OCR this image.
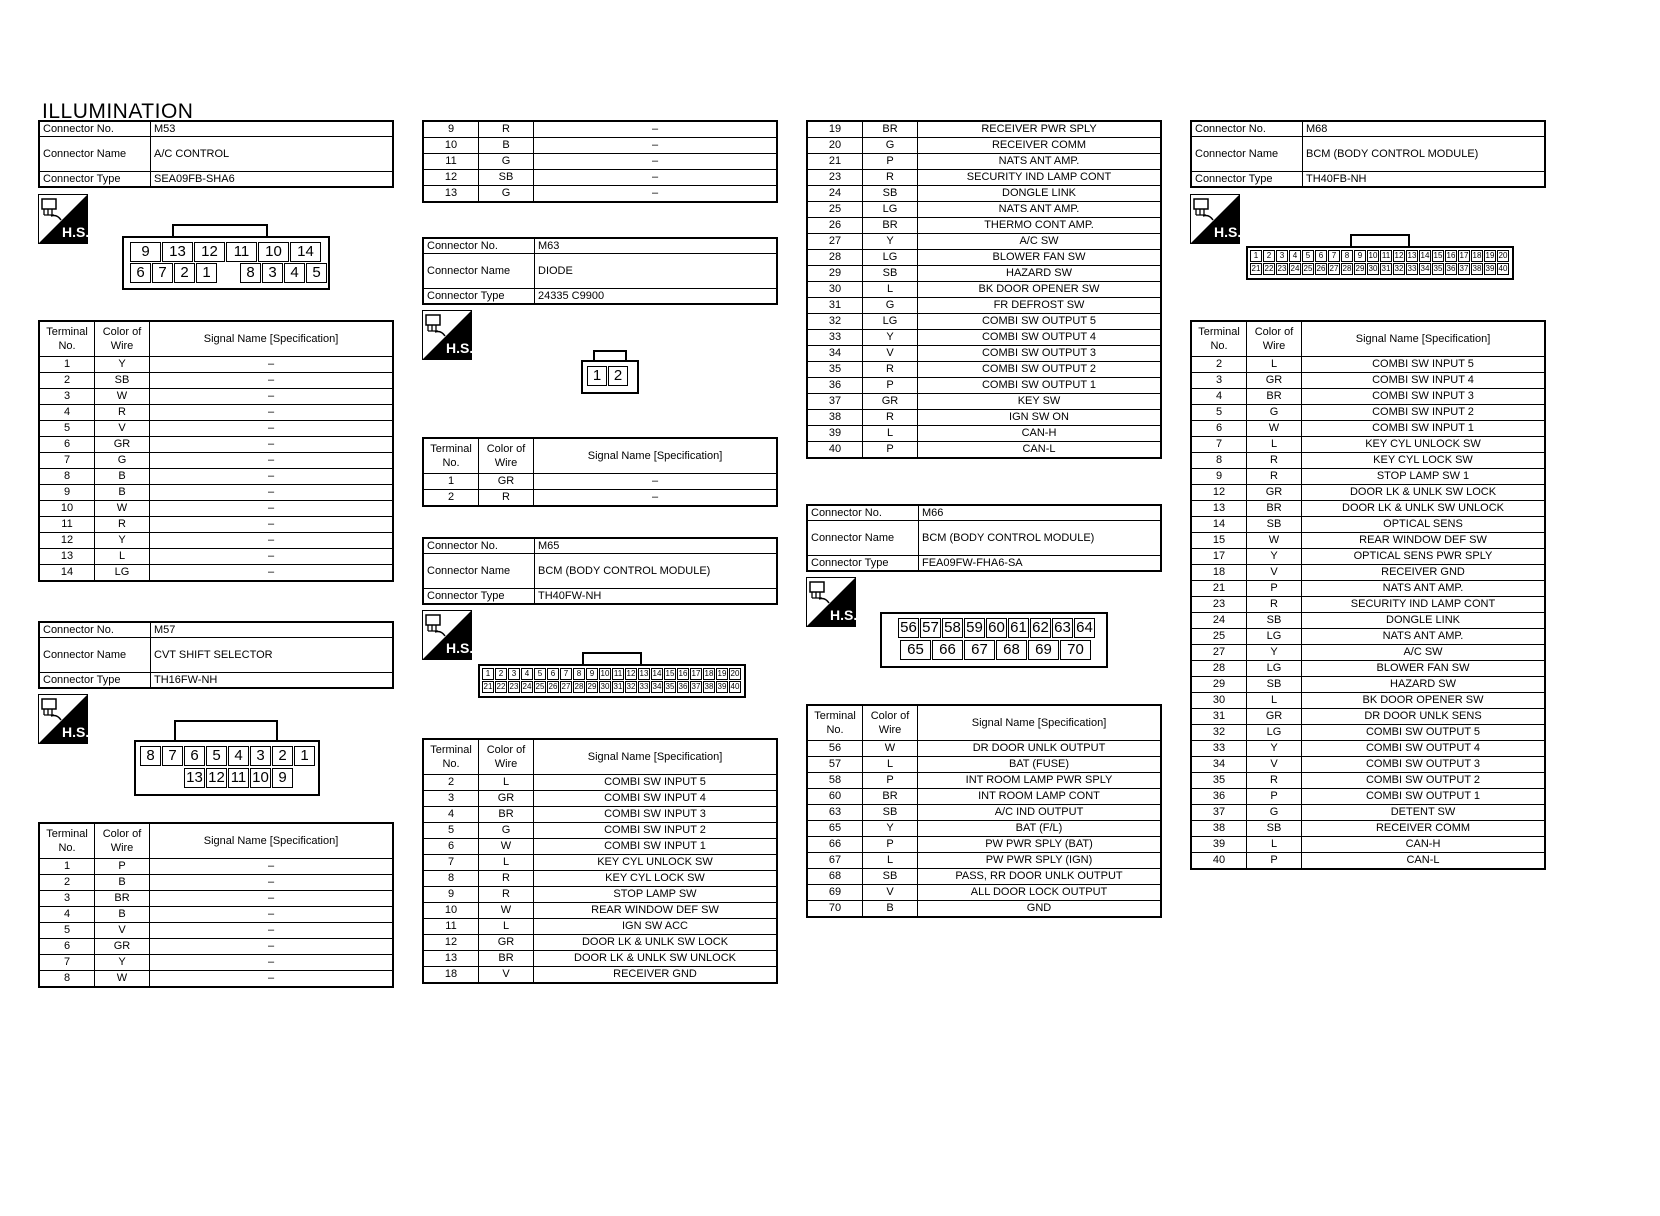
ILLUMINATION
Connector No.	M53
Connector Name	A/C CONTROL
Connector Type	SEA09FB-SHA6
H.S.
9	13	12	11	10	14
6 7 2 1	8 3 4 5
Terminal No.	Color of Wire	Signal Name [Specification]
1	Y	–
2	SB	–
3	W	–
4	R	–
5	V	–
6	GR	–
7	G	–
8	B	–
9	B	–
10	W	–
11	R	–
12	Y	–
13	L	–
14	LG	–
Connector No.	M57
Connector Name	CVT SHIFT SELECTOR
Connector Type	TH16FW-NH
H.S.
8 7 6 5 4 3 2 1
13 12 11 10 9
Terminal No.	Color of Wire	Signal Name [Specification]
1	P	–
2	B	–
3	BR	–
4	B	–
5	V	–
6	GR	–
7	Y	–
8	W	–
9	R	–
10	B	–
11	G	–
12	SB	–
13	G	–
Connector No.	M63
Connector Name	DIODE
Connector Type	24335 C9900
H.S.
1 2
Terminal No.	Color of Wire	Signal Name [Specification]
1	GR	–
2	R	–
Connector No.	M65
Connector Name	BCM (BODY CONTROL MODULE)
Connector Type	TH40FW-NH
H.S.
1	2	3	4	5	6	7	8	9 10 11 12 13 14 15 16 17 18 19 20
21 22 23 24 25 26 27 28 29 30 31 32 33 34 35 36 37 38 39 40
Terminal No.	Color of Wire	Signal Name [Specification]
2	L	COMBI SW INPUT 5
3	GR	COMBI SW INPUT 4
4	BR	COMBI SW INPUT 3
5	G	COMBI SW INPUT 2
6	W	COMBI SW INPUT 1
7	L	KEY CYL UNLOCK SW
8	R	KEY CYL LOCK SW
9	R	STOP LAMP SW
10	W	REAR WINDOW DEF SW
11	L	IGN SW ACC
12	GR	DOOR LK & UNLK SW LOCK
13	BR	DOOR LK & UNLK SW UNLOCK
18	V	RECEIVER GND
19	BR	RECEIVER PWR SPLY
20	G	RECEIVER COMM
21	P	NATS ANT AMP.
23	R	SECURITY IND LAMP CONT
24	SB	DONGLE LINK
25	LG	NATS ANT AMP.
26	BR	THERMO CONT AMP.
27	Y	A/C SW
28	LG	BLOWER FAN SW
29	SB	HAZARD SW
30	L	BK DOOR OPENER SW
31	G	FR DEFROST SW
32	LG	COMBI SW OUTPUT 5
33	Y	COMBI SW OUTPUT 4
34	V	COMBI SW OUTPUT 3
35	R	COMBI SW OUTPUT 2
36	P	COMBI SW OUTPUT 1
37	GR	KEY SW
38	R	IGN SW ON
39	L	CAN-H
40	P	CAN-L
Connector No.	M66
Connector Name	BCM (BODY CONTROL MODULE)
Connector Type	FEA09FW-FHA6-SA
H.S.
56 57 58 59 60 61 62 63 64
65	66	67	68	69	70
Terminal No.	Color of Wire	Signal Name [Specification]
56	W	DR DOOR UNLK OUTPUT
57	L	BAT (FUSE)
58	P	INT ROOM LAMP PWR SPLY
60	BR	INT ROOM LAMP CONT
63	SB	A/C IND OUTPUT
65	Y	BAT (F/L)
66	P	PW PWR SPLY (BAT)
67	L	PW PWR SPLY (IGN)
68	SB	PASS, RR DOOR UNLK OUTPUT
69	V	ALL DOOR LOCK OUTPUT
70	B	GND
Connector No.	M68
Connector Name	BCM (BODY CONTROL MODULE)
Connector Type	TH40FB-NH
H.S.
1	2	3	4	5	6	7	8	9 10 11 12 13 14 15 16 17 18 19 20
21 22 23 24 25 26 27 28 29 30 31 32 33 34 35 36 37 38 39 40
Terminal No.	Color of Wire	Signal Name [Specification]
2	L	COMBI SW INPUT 5
3	GR	COMBI SW INPUT 4
4	BR	COMBI SW INPUT 3
5	G	COMBI SW INPUT 2
6	W	COMBI SW INPUT 1
7	L	KEY CYL UNLOCK SW
8	R	KEY CYL LOCK SW
9	R	STOP LAMP SW 1
12	GR	DOOR LK & UNLK SW LOCK
13	BR	DOOR LK & UNLK SW UNLOCK
14	SB	OPTICAL SENS
15	W	REAR WINDOW DEF SW
17	Y	OPTICAL SENS PWR SPLY
18	V	RECEIVER GND
21	P	NATS ANT AMP.
23	R	SECURITY IND LAMP CONT
24	SB	DONGLE LINK
25	LG	NATS ANT AMP.
27	Y	A/C SW
28	LG	BLOWER FAN SW
29	SB	HAZARD SW
30	L	BK DOOR OPENER SW
31	GR	DR DOOR UNLK SENS
32	LG	COMBI SW OUTPUT 5
33	Y	COMBI SW OUTPUT 4
34	V	COMBI SW OUTPUT 3
35	R	COMBI SW OUTPUT 2
36	P	COMBI SW OUTPUT 1
37	G	DETENT SW
38	SB	RECEIVER COMM
39	L	CAN-H
40	P	CAN-L
